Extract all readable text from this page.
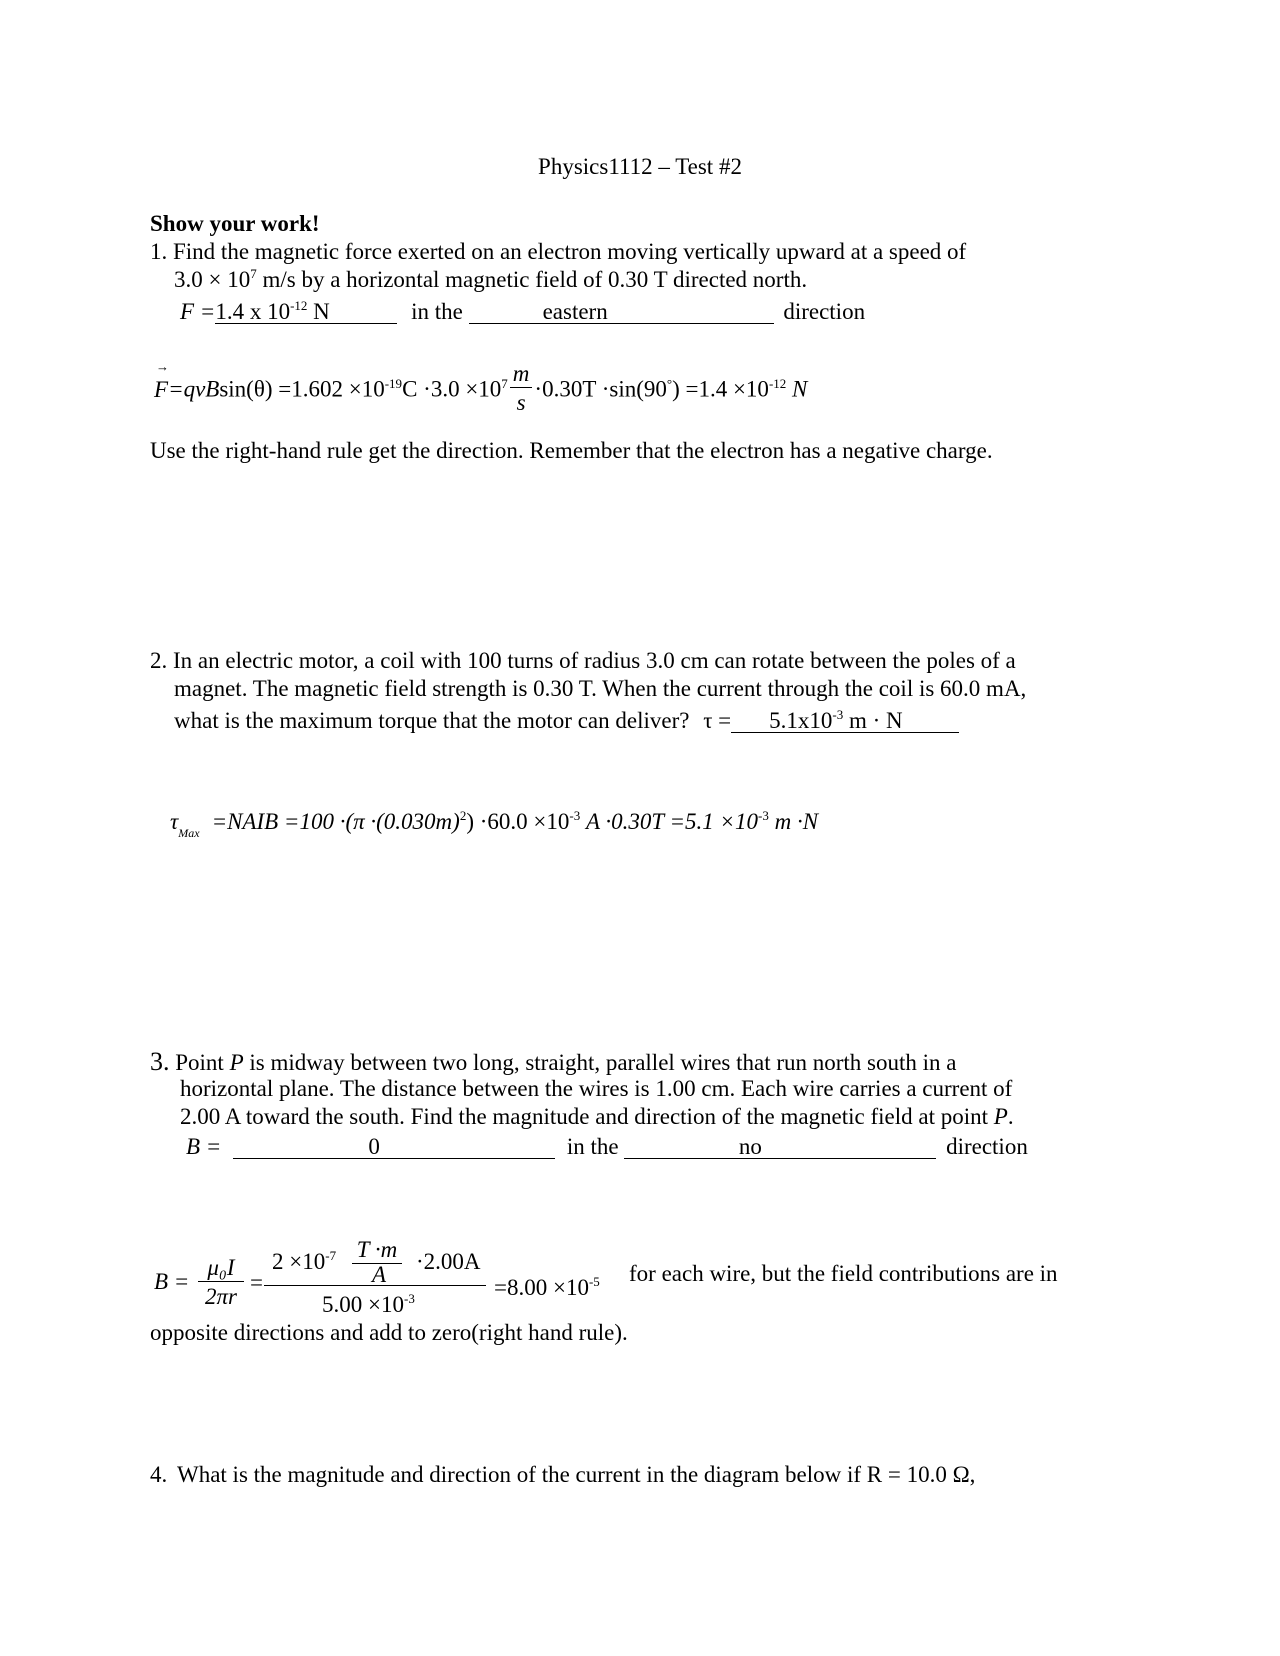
Physics1112 – Test #2
Show your work!
1. Find the magnetic force exerted on an electron moving vertically upward at a speed of
$3.0 \times 10^7$ m/s by a horizontal magnetic field of 0.30 T directed north.
F =1.4 x $10^{-12}$ N	in the	eastern	direction
→ $F=qvBsin(\theta) =1.602 \times 10^{-19}C \cdot 3.0 \times 10^7 \frac{m}{s} \cdot 0.30T \cdot\sin(90^\circ) =1.4 \times 10^{-12}$ N
Use the right-hand rule get the direction. Remember that the electron has a negative charge.
2. In an electric motor, a coil with 100 turns of radius 3.0 cm can rotate between the poles of a
magnet. The magnetic field strength is 0.30 T. When the current through the coil is 60.0 mA,
what is the maximum torque that the motor can deliver? $\tau = 5.1x10^{-3}$ m · N
$\tau_{Max}$ =NAIB $=100 \cdot(\pi \cdot(0.030m)^2) \cdot 60.0 \times 10^{-3}$ $A \cdot 0.30T =5.1 \times 10^{-3}$ m ·N
3. Point P is midway between two long, straight, parallel wires that run north south in a
horizontal plane. The distance between the wires is 1.00 cm. Each wire carries a current of
2.00 A toward the south. Find the magnitude and direction of the magnetic field at point P.
B =	0	in the	no	direction
$B = \frac{\text{μ₀I}}{2\pi r}$ =
$2 \times 10^{-7}$ T ·m ·2.00A
A
$5.00 \times 10^{-3}$	$=8.00 \times 10^{-5}$ for each wire, but the field contributions are in
opposite directions and add to zero(right hand rule).
4. What is the magnitude and direction of the current in the diagram below if R = 10.0 Ω,
